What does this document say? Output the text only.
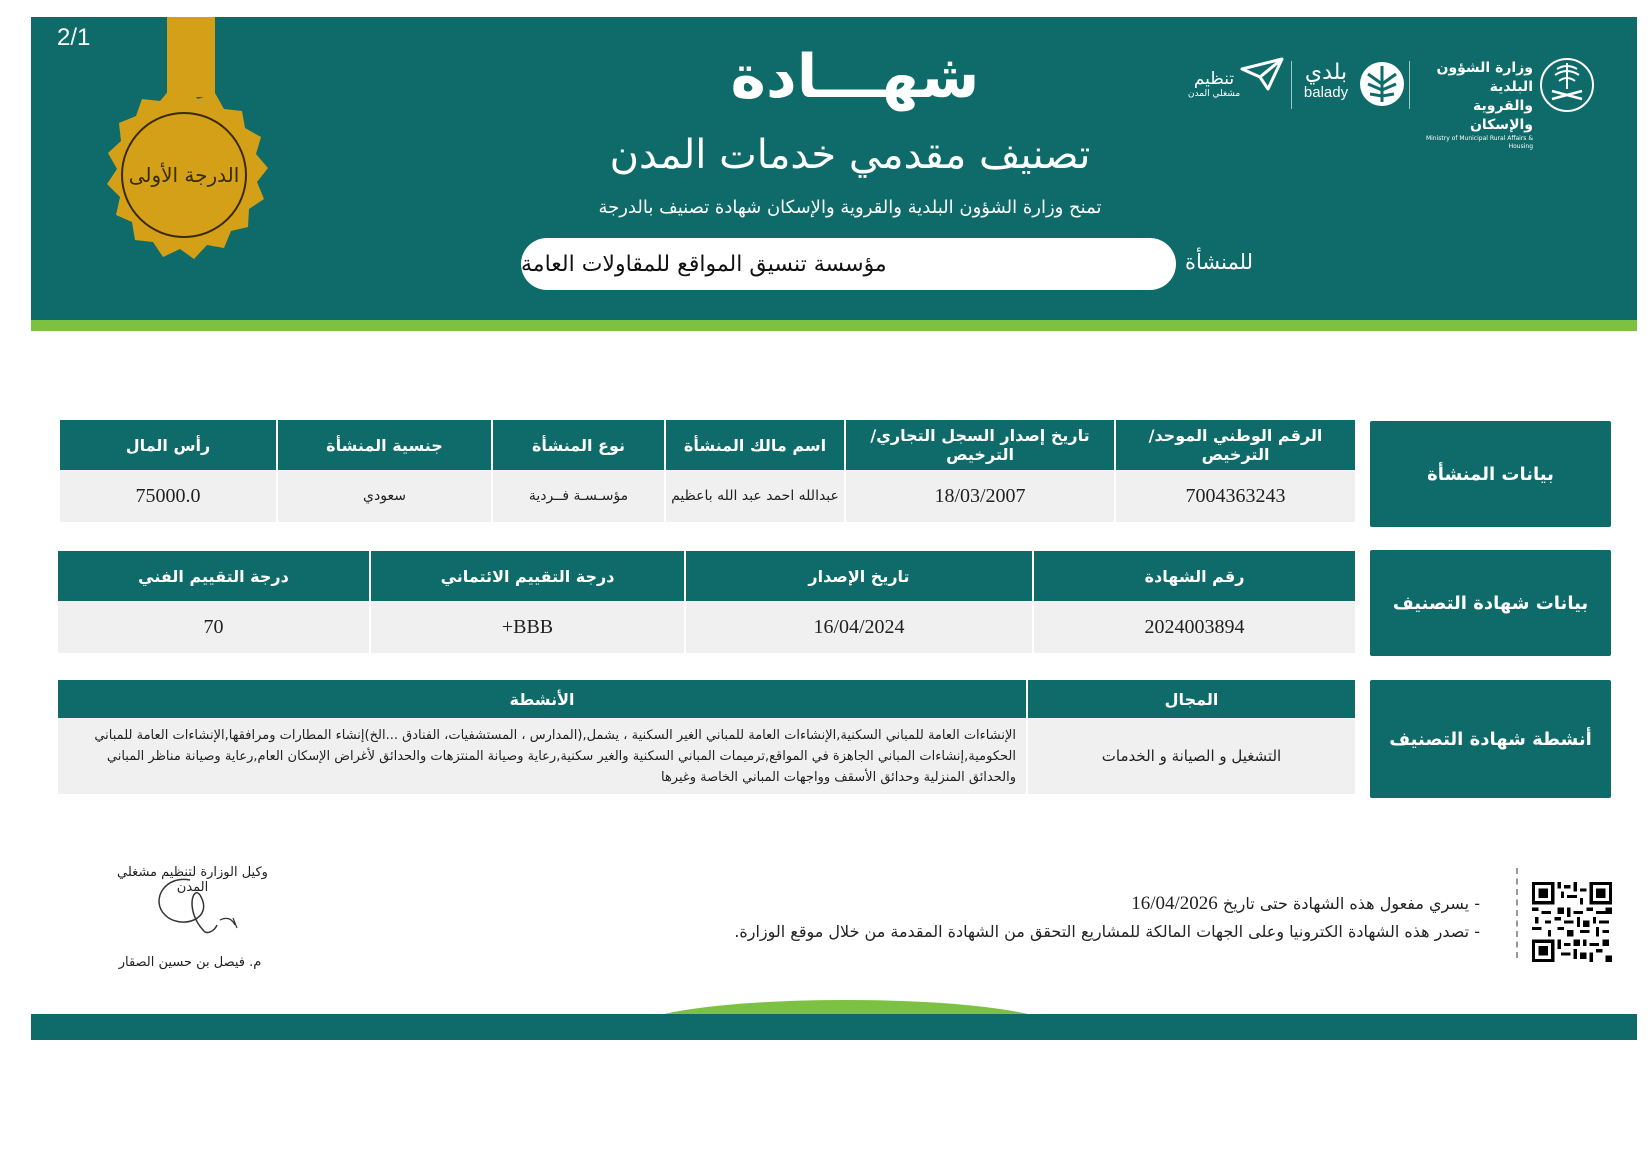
2/1
الدرجة الأولى
شهـــادة
تصنيف مقدمي خدمات المدن
تمنح وزارة الشؤون البلدية والقروية والإسكان شهادة تصنيف بالدرجة
للمنشأة
مؤسسة تنسيق المواقع للمقاولات العامة
وزارة الشؤون البلدية
والقروية والإسكان
Ministry of Municipal Rural Affairs & Housing
بلدي
balady
تنظيم
مشغلي المدن
بيانات المنشأة
الرقم الوطني الموحد/ الترخيص	تاريخ إصدار السجل التجاري/ الترخيص	اسم مالك المنشأة	نوع المنشأة	جنسية المنشأة	رأس المال
7004363243	18/03/2007	عبدالله احمد عبد الله باعظيم	مؤسـسـة فــردية	سعودي	75000.0
بيانات شهادة التصنيف
رقم الشهادة	تاريخ الإصدار	درجة التقييم الائتماني	درجة التقييم الفني
2024003894	16/04/2024	BBB+	70
أنشطة شهادة التصنيف
المجال	الأنشطة
التشغيل و الصيانة و الخدمات	الإنشاءات العامة للمباني السكنية,الإنشاءات العامة للمباني الغير السكنية ، يشمل,(المدارس ، المستشفيات، الفنادق ...الخ)إنشاء المطارات ومرافقها,الإنشاءات العامة للمباني الحكومية,إنشاءات المباني الجاهزة في المواقع,ترميمات المباني السكنية والغير سكنية,رعاية وصيانة المنتزهات والحدائق لأغراض الإسكان العام,رعاية وصيانة مناظر المباني والحدائق المنزلية وحدائق الأسقف وواجهات المباني الخاصة وغيرها
- يسري مفعول هذه الشهادة حتى تاريخ 16/04/2026
- تصدر هذه الشهادة الكترونيا وعلى الجهات المالكة للمشاريع التحقق من الشهادة المقدمة من خلال موقع الوزارة.
وكيل الوزارة لتنظيم مشغلي المدن
م. فيصل بن حسين الصقار
